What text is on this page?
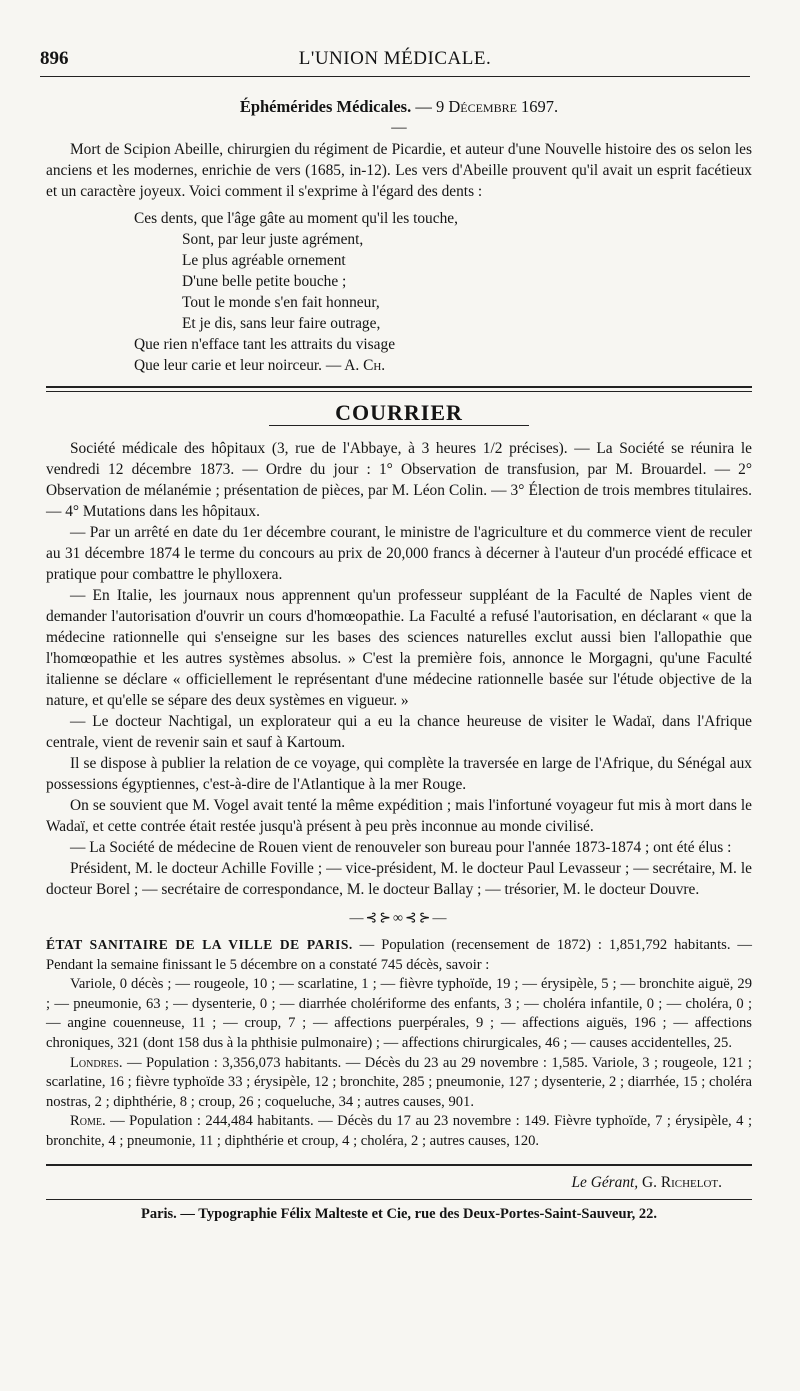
896	L'UNION MÉDICALE.
Éphémérides Médicales. — 9 Décembre 1697.
—

Mort de Scipion Abeille, chirurgien du régiment de Picardie, et auteur d'une Nouvelle histoire des os selon les anciens et les modernes, enrichie de vers (1685, in-12). Les vers d'Abeille prouvent qu'il avait un esprit facétieux et un caractère joyeux. Voici comment il s'exprime à l'égard des dents :

Ces dents, que l'âge gâte au moment qu'il les touche,
Sont, par leur juste agrément,
Le plus agréable ornement
D'une belle petite bouche ;
Tout le monde s'en fait honneur,
Et je dis, sans leur faire outrage,
Que rien n'efface tant les attraits du visage
Que leur carie et leur noirceur. — A. Ch.
COURRIER

Société médicale des hôpitaux (3, rue de l'Abbaye, à 3 heures 1/2 précises). — La Société se réunira le vendredi 12 décembre 1873. — Ordre du jour : 1° Observation de transfusion, par M. Brouardel. — 2° Observation de mélanémie ; présentation de pièces, par M. Léon Colin. — 3° Élection de trois membres titulaires. — 4° Mutations dans les hôpitaux.

— Par un arrêté en date du 1er décembre courant, le ministre de l'agriculture et du commerce vient de reculer au 31 décembre 1874 le terme du concours au prix de 20,000 francs à décerner à l'auteur d'un procédé efficace et pratique pour combattre le phylloxera.

— En Italie, les journaux nous apprennent qu'un professeur suppléant de la Faculté de Naples vient de demander l'autorisation d'ouvrir un cours d'homœopathie. La Faculté a refusé l'autorisation, en déclarant « que la médecine rationnelle qui s'enseigne sur les bases des sciences naturelles exclut aussi bien l'allopathie que l'homœopathie et les autres systèmes absolus. » C'est la première fois, annonce le Morgagni, qu'une Faculté italienne se déclare « officiellement le représentant d'une médecine rationnelle basée sur l'étude objective de la nature, et qu'elle se sépare des deux systèmes en vigueur. »

— Le docteur Nachtigal, un explorateur qui a eu la chance heureuse de visiter le Wadaï, dans l'Afrique centrale, vient de revenir sain et sauf à Kartoum.

Il se dispose à publier la relation de ce voyage, qui complète la traversée en large de l'Afrique, du Sénégal aux possessions égyptiennes, c'est-à-dire de l'Atlantique à la mer Rouge.

On se souvient que M. Vogel avait tenté la même expédition ; mais l'infortuné voyageur fut mis à mort dans le Wadaï, et cette contrée était restée jusqu'à présent à peu près inconnue au monde civilisé.

— La Société de médecine de Rouen vient de renouveler son bureau pour l'année 1873-1874 ; ont été élus :

Président, M. le docteur Achille Foville ; — vice-président, M. le docteur Paul Levasseur ; — secrétaire, M. le docteur Borel ; — secrétaire de correspondance, M. le docteur Ballay ; — trésorier, M. le docteur Douvre.

—⊰⊱∞⊰⊱—

ÉTAT SANITAIRE DE LA VILLE DE PARIS. — Population (recensement de 1872) : 1,851,792 habitants. — Pendant la semaine finissant le 5 décembre on a constaté 745 décès, savoir :

Variole, 0 décès ; — rougeole, 10 ; — scarlatine, 1 ; — fièvre typhoïde, 19 ; — érysipèle, 5 ; — bronchite aiguë, 29 ; — pneumonie, 63 ; — dysenterie, 0 ; — diarrhée cholériforme des enfants, 3 ; — choléra infantile, 0 ; — choléra, 0 ; — angine couenneuse, 11 ; — croup, 7 ; — affections puerpérales, 9 ; — affections aiguës, 196 ; — affections chroniques, 321 (dont 158 dus à la phthisie pulmonaire) ; — affections chirurgicales, 46 ; — causes accidentelles, 25.

Londres. — Population : 3,356,073 habitants. — Décès du 23 au 29 novembre : 1,585. Variole, 3 ; rougeole, 121 ; scarlatine, 16 ; fièvre typhoïde 33 ; érysipèle, 12 ; bronchite, 285 ; pneumonie, 127 ; dysenterie, 2 ; diarrhée, 15 ; choléra nostras, 2 ; diphthérie, 8 ; croup, 26 ; coqueluche, 34 ; autres causes, 901.

Rome. — Population : 244,484 habitants. — Décès du 17 au 23 novembre : 149. Fièvre typhoïde, 7 ; érysipèle, 4 ; bronchite, 4 ; pneumonie, 11 ; diphthérie et croup, 4 ; choléra, 2 ; autres causes, 120.

Le Gérant, G. Richelot.
Paris. — Typographie Félix Malteste et Cie, rue des Deux-Portes-Saint-Sauveur, 22.
